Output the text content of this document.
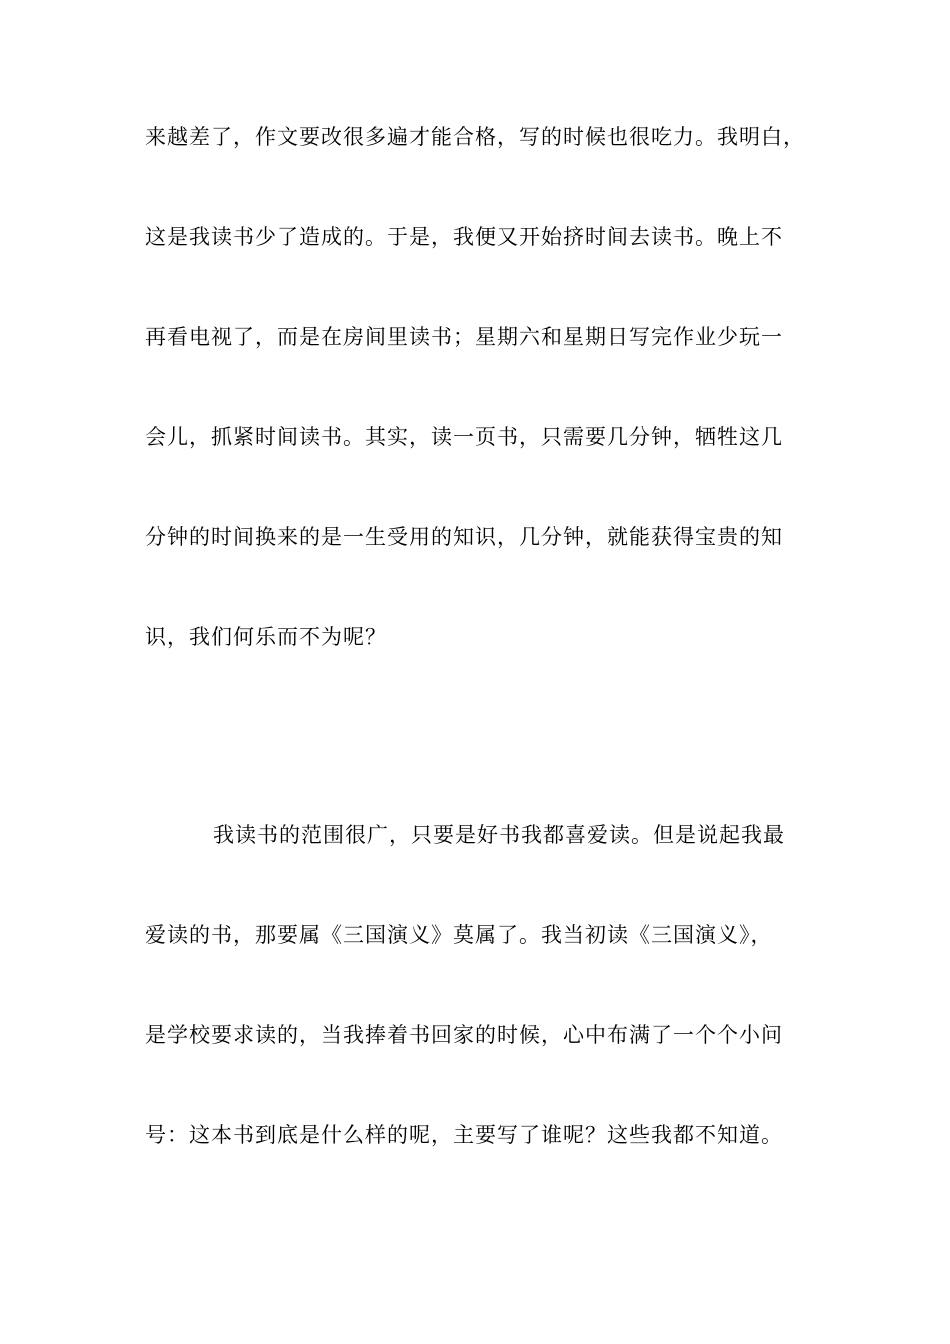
来越差了，作文要改很多遍才能合格，写的时候也很吃力。我明白，
这是我读书少了造成的。于是，我便又开始挤时间去读书。晚上不
再看电视了，而是在房间里读书；星期六和星期日写完作业少玩一
会儿，抓紧时间读书。其实，读一页书，只需要几分钟，牺牲这几
分钟的时间换来的是一生受用的知识，几分钟，就能获得宝贵的知
识，我们何乐而不为呢？
我读书的范围很广，只要是好书我都喜爱读。但是说起我最
爱读的书，那要属《三国演义》莫属了。我当初读《三国演义》，
是学校要求读的，当我捧着书回家的时候，心中布满了一个个小问
号：这本书到底是什么样的呢，主要写了谁呢？这些我都不知道。
